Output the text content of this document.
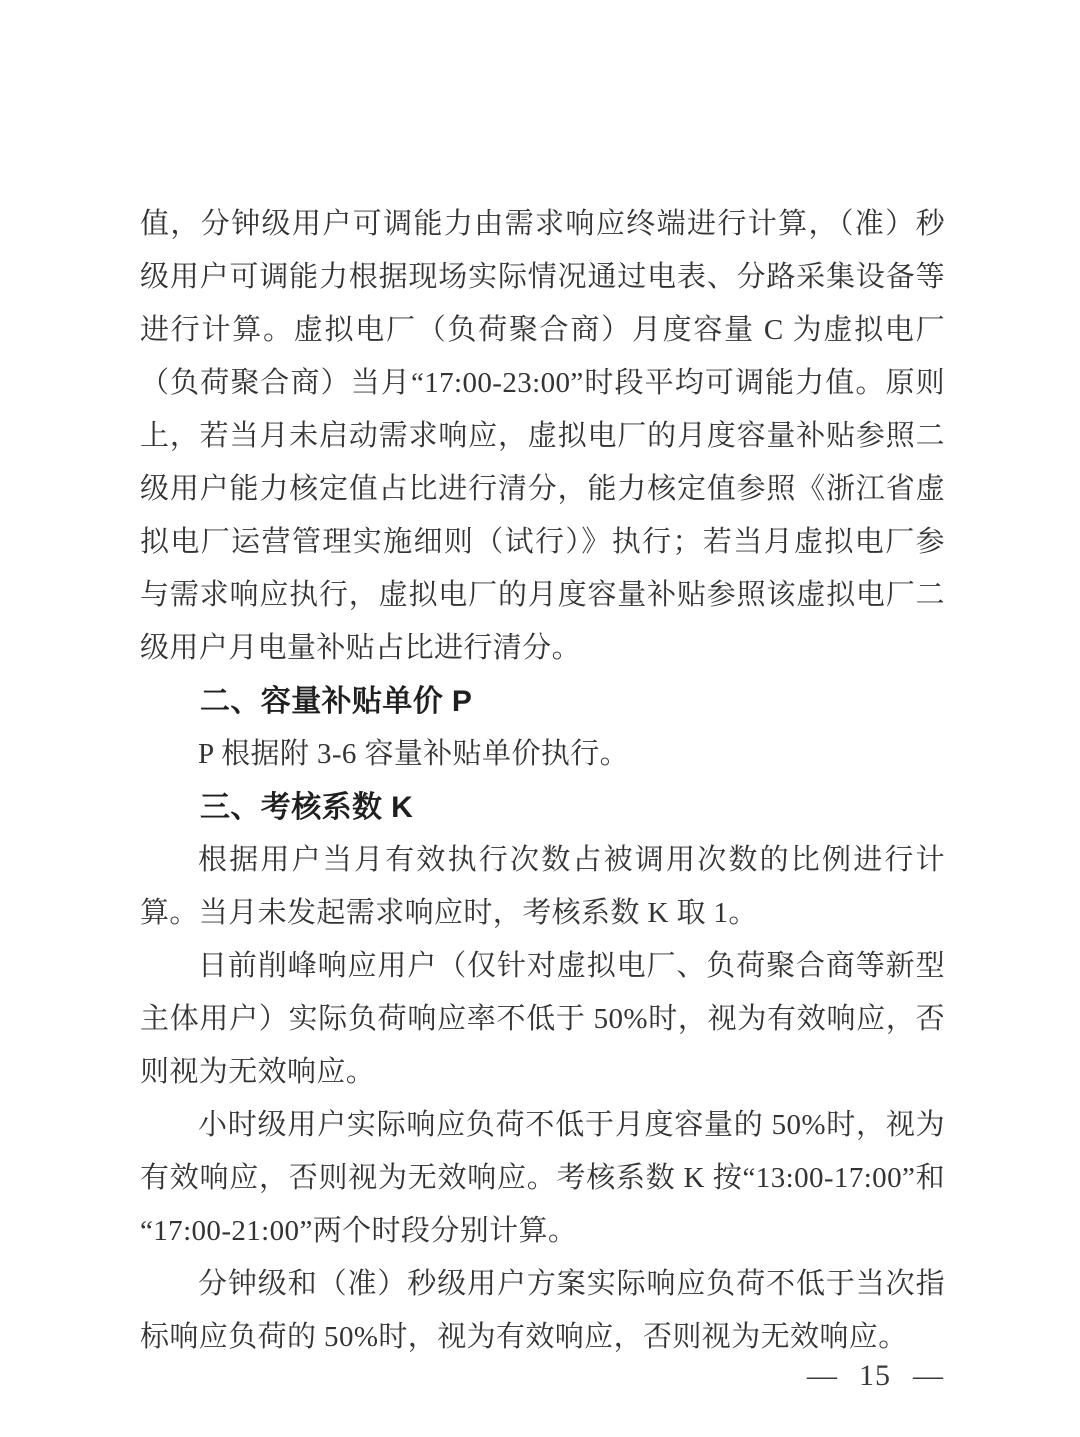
值，分钟级用户可调能力由需求响应终端进行计算，（准）秒级用户可调能力根据现场实际情况通过电表、分路采集设备等进行计算。虚拟电厂（负荷聚合商）月度容量 C 为虚拟电厂（负荷聚合商）当月“17:00-23:00”时段平均可调能力值。原则上，若当月未启动需求响应，虚拟电厂的月度容量补贴参照二级用户能力核定值占比进行清分，能力核定值参照《浙江省虚拟电厂运营管理实施细则（试行）》执行；若当月虚拟电厂参与需求响应执行，虚拟电厂的月度容量补贴参照该虚拟电厂二级用户月电量补贴占比进行清分。

二、容量补贴单价 P

P 根据附 3-6 容量补贴单价执行。

三、考核系数 K

根据用户当月有效执行次数占被调用次数的比例进行计算。当月未发起需求响应时，考核系数 K 取 1。

日前削峰响应用户（仅针对虚拟电厂、负荷聚合商等新型主体用户）实际负荷响应率不低于 50%时，视为有效响应，否则视为无效响应。

小时级用户实际响应负荷不低于月度容量的 50%时，视为有效响应，否则视为无效响应。考核系数 K 按“13:00-17:00”和“17:00-21:00”两个时段分别计算。

分钟级和（准）秒级用户方案实际响应负荷不低于当次指标响应负荷的 50%时，视为有效响应，否则视为无效响应。

— 15 —
